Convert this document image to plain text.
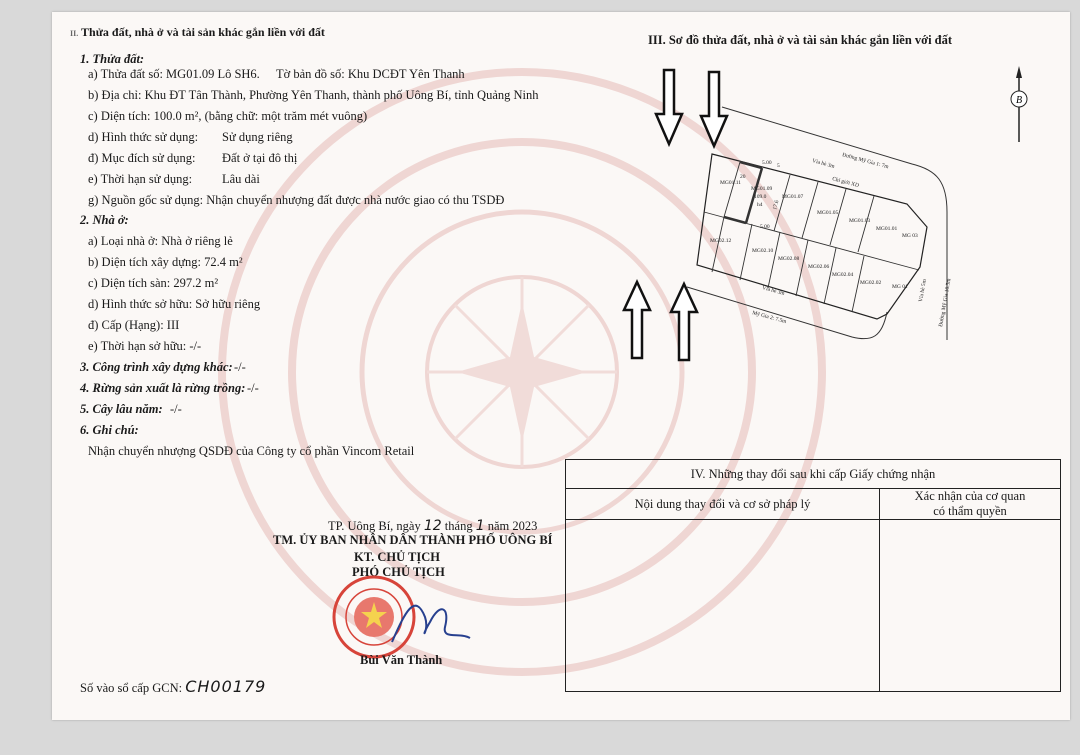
II. Thửa đất, nhà ở và tài sản khác gắn liền với đất
1. Thửa đất:
a) Thửa đất số: MG01.09 Lô SH6. Tờ bản đồ số: Khu DCĐT Yên Thanh
b) Địa chỉ: Khu ĐT Tân Thành, Phường Yên Thanh, thành phố Uông Bí, tỉnh Quảng Ninh
c) Diện tích: 100.0 m², (bằng chữ: một trăm mét vuông)
d) Hình thức sử dụng: Sử dụng riêng
đ) Mục đích sử dụng: Đất ở tại đô thị
e) Thời hạn sử dụng: Lâu dài
g) Nguồn gốc sử dụng: Nhận chuyển nhượng đất được nhà nước giao có thu TSDĐ
2. Nhà ở:
a) Loại nhà ở: Nhà ở riêng lẻ
b) Diện tích xây dựng: 72.4 m²
c) Diện tích sàn: 297.2 m²
d) Hình thức sở hữu: Sở hữu riêng
đ) Cấp (Hạng): III
e) Thời hạn sở hữu: -/-
3. Công trình xây dựng khác: -/-
4. Rừng sản xuất là rừng trồng: -/-
5. Cây lâu năm: -/-
6. Ghi chú:
Nhận chuyển nhượng QSDĐ của Công ty cổ phần Vincom Retail
TP. Uông Bí, ngày 12 tháng 1 năm 2023
TM. ỦY BAN NHÂN DÂN THÀNH PHỐ UÔNG BÍ
KT. CHỦ TỊCH
PHÓ CHỦ TỊCH
Bùi Văn Thành
Số vào sổ cấp GCN: CH00179
III. Sơ đồ thửa đất, nhà ở và tài sản khác gắn liền với đất
B
MG01.11
MG01.09
109.0
h4
MG01.07
MG01.05
MG01.03
MG01.01
MG 03
MG02.12
MG02.10
MG02.08
MG02.06
MG02.04
MG02.02
MG 01
Đường Mỹ Gia 1: 7m
Vỉa hè 3m
Chỉ giới XD
Vỉa hè 3m
Mỹ Gia 2: 7.5m
Vỉa hè 5m Đường Mỹ Gia 10.5m
5.00
20
5
17.6
5.00
IV. Những thay đổi sau khi cấp Giấy chứng nhận
Nội dung thay đổi và cơ sở pháp lý
Xác nhận của cơ quan
có thẩm quyền
